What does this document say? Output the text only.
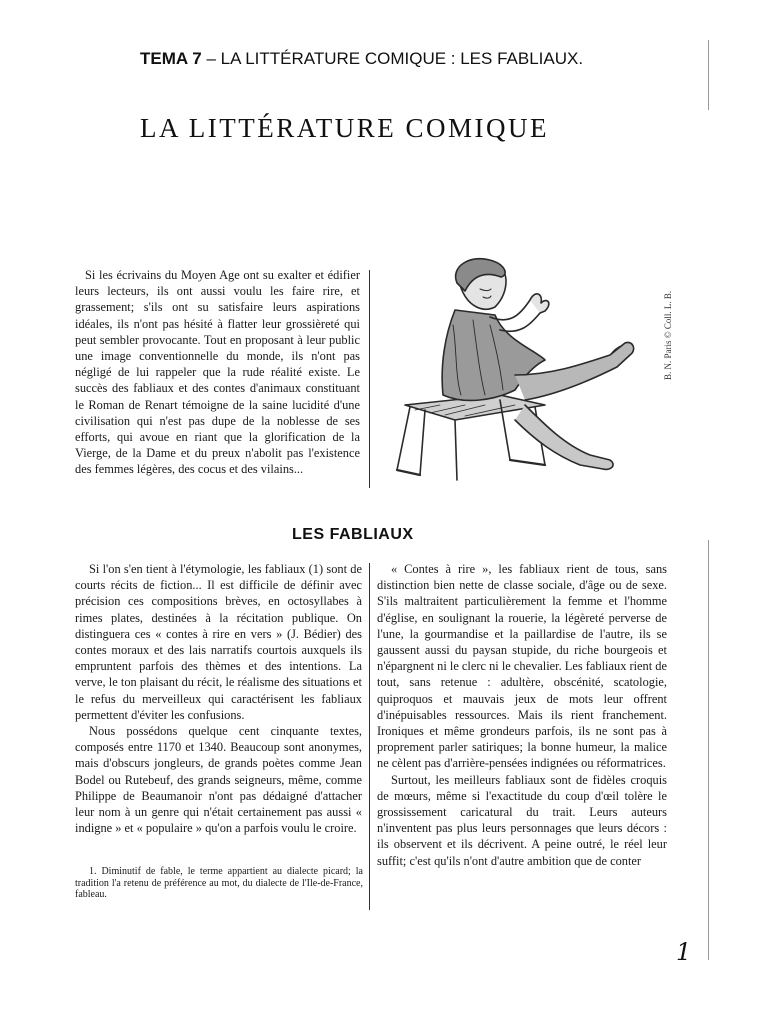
TEMA 7 – LA LITTÉRATURE COMIQUE : LES FABLIAUX.
LA LITTÉRATURE COMIQUE
Si les écrivains du Moyen Age ont su exalter et édifier leurs lecteurs, ils ont aussi voulu les faire rire, et grassement; s'ils ont su satisfaire leurs aspirations idéales, ils n'ont pas hésité à flatter leur grossièreté qui peut sembler provocante. Tout en proposant à leur public une image conventionnelle du monde, ils n'ont pas négligé de lui rappeler que la rude réalité existe. Le succès des fabliaux et des contes d'animaux constituant le Roman de Renart témoigne de la saine lucidité d'une civilisation qui n'est pas dupe de la noblesse de ses efforts, qui avoue en riant que la glorification de la Vierge, de la Dame et du preux n'abolit pas l'existence des femmes légères, des cocus et des vilains...
B. N. Paris © Coll. L. B.
LES FABLIAUX

Si l'on s'en tient à l'étymologie, les fabliaux (1) sont de courts récits de fiction... Il est difficile de définir avec précision ces compositions brèves, en octosyllabes à rimes plates, destinées à la récitation publique. On distinguera ces « contes à rire en vers » (J. Bédier) des contes moraux et des lais narratifs courtois auxquels ils empruntent parfois des thèmes et des intentions. La verve, le ton plaisant du récit, le réalisme des situations et le refus du merveilleux qui caractérisent les fabliaux permettent d'éviter les confusions.

Nous possédons quelque cent cinquante textes, composés entre 1170 et 1340. Beaucoup sont anonymes, mais d'obscurs jongleurs, de grands poètes comme Jean Bodel ou Rutebeuf, des grands seigneurs, même, comme Philippe de Beaumanoir n'ont pas dédaigné d'attacher leur nom à un genre qui n'était certainement pas aussi « indigne » et « populaire » qu'on a parfois voulu le croire.

1. Diminutif de fable, le terme appartient au dialecte picard; la tradition l'a retenu de préférence au mot, du dialecte de l'Ile-de-France, fableau.

« Contes à rire », les fabliaux rient de tous, sans distinction bien nette de classe sociale, d'âge ou de sexe. S'ils maltraitent particulièrement la femme et l'homme d'église, en soulignant la rouerie, la légèreté perverse de l'une, la gourmandise et la paillardise de l'autre, ils se gaussent aussi du paysan stupide, du riche bourgeois et n'épargnent ni le clerc ni le chevalier. Les fabliaux rient de tout, sans retenue : adultère, obscénité, scatologie, quiproquos et mauvais jeux de mots leur offrent d'inépuisables ressources. Mais ils rient franchement. Ironiques et même grondeurs parfois, ils ne sont pas à proprement parler satiriques; la bonne humeur, la malice ne cèlent pas d'arrière-pensées indignées ou réformatrices.

Surtout, les meilleurs fabliaux sont de fidèles croquis de mœurs, même si l'exactitude du coup d'œil tolère le grossissement caricatural du trait. Leurs auteurs n'inventent pas plus leurs personnages que leurs décors : ils observent et ils décrivent. A peine outré, le réel leur suffit; c'est qu'ils n'ont d'autre ambition que de conter

1
